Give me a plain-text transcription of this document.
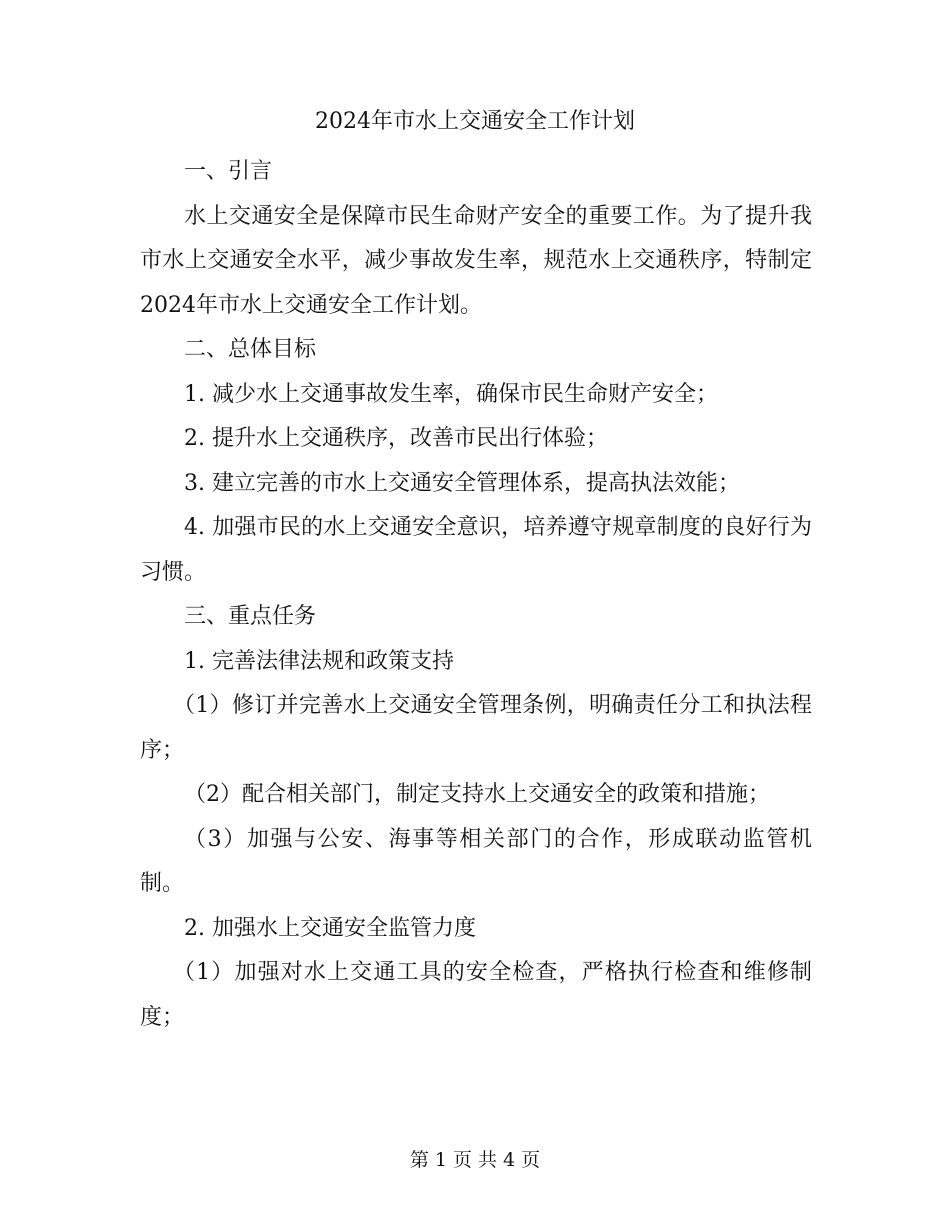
2024年市水上交通安全工作计划

一、引言

水上交通安全是保障市民生命财产安全的重要工作。为了提升我市水上交通安全水平，减少事故发生率，规范水上交通秩序，特制定2024年市水上交通安全工作计划。

二、总体目标

1. 减少水上交通事故发生率，确保市民生命财产安全；

2. 提升水上交通秩序，改善市民出行体验；

3. 建立完善的市水上交通安全管理体系，提高执法效能；

4. 加强市民的水上交通安全意识，培养遵守规章制度的良好行为习惯。

三、重点任务

1. 完善法律法规和政策支持

（1）修订并完善水上交通安全管理条例，明确责任分工和执法程序；

（2）配合相关部门，制定支持水上交通安全的政策和措施；

（3）加强与公安、海事等相关部门的合作，形成联动监管机制。

2. 加强水上交通安全监管力度

（1）加强对水上交通工具的安全检查，严格执行检查和维修制度；

第 1 页 共 4 页
